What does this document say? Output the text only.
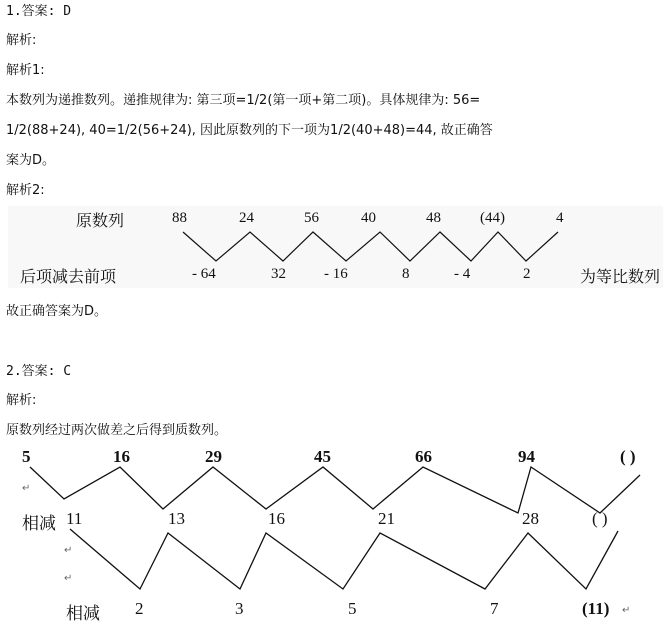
1.答案: D
解析:
解析1:
本数列为递推数列。递推规律为: 第三项=1/2(第一项+第二项)。具体规律为: 56=
1/2(88+24), 40=1/2(56+24), 因此原数列的下一项为1/2(40+48)=44, 故正确答
案为D。
解析2:
原数列	88	24	56	40	48	(44)	4
后项减去前项	- 64	32	- 16	8	- 4	2	为等比数列
故正确答案为D。
2.答案: C
解析:
原数列经过两次做差之后得到质数列。
5	16	29	45	66	94	( )
↵
相减 11	13	16	21	28	( )
↵
↵
相减 2	3	5	7	(11) ↵
